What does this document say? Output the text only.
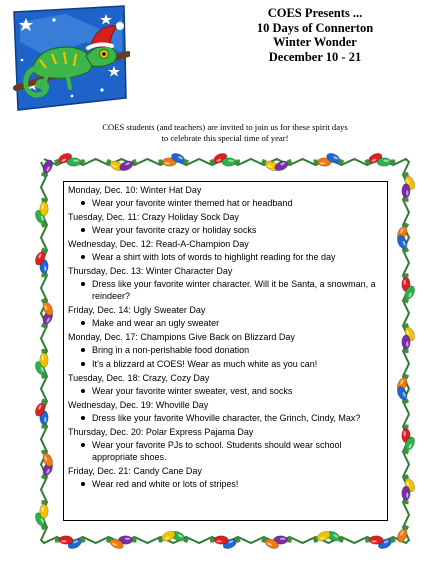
COES Presents ...
10 Days of Connerton
Winter Wonder
December 10 - 21
COES students (and teachers) are invited to join us for these spirit days
to celebrate this special time of year!
Monday, Dec. 10: Winter Hat Day
Wear your favorite winter themed hat or headband
Tuesday, Dec. 11: Crazy Holiday Sock Day
Wear your favorite crazy or holiday socks
Wednesday, Dec. 12: Read-A-Champion Day
Wear a shirt with lots of words to highlight reading for the day
Thursday, Dec. 13: Winter Character Day
Dress like your favorite winter character. Will it be Santa, a snowman, a reindeer?
Friday, Dec. 14: Ugly Sweater Day
Make and wear an ugly sweater
Monday, Dec. 17: Champions Give Back on Blizzard Day
Bring in a non-perishable food donation
It’s a blizzard at COES! Wear as much white as you can!
Tuesday, Dec. 18: Crazy, Cozy Day
Wear your favorite winter sweater, vest, and socks
Wednesday, Dec. 19: Whoville Day
Dress like your favorite Whoville character, the Grinch, Cindy, Max?
Thursday, Dec. 20: Polar Express Pajama Day
Wear your favorite PJs to school. Students should wear school appropriate shoes.
Friday, Dec. 21: Candy Cane Day
Wear red and white or lots of stripes!
